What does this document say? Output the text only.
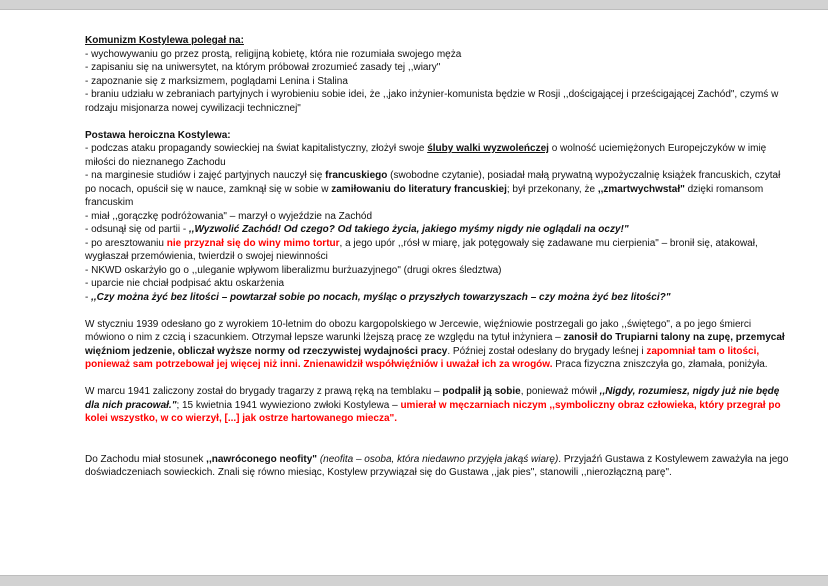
Komunizm Kostylewa polegał na:
- wychowywaniu go przez prostą, religijną kobietę, która nie rozumiała swojego męża
- zapisaniu się na uniwersytet, na którym próbował zrozumieć zasady tej ,,wiary"
- zapoznanie się z marksizmem, poglądami Lenina i Stalina
- braniu udziału w zebraniach partyjnych i wyrobieniu sobie idei, że ,,jako inżynier-komunista będzie w Rosji ,,dościgającej i prześcigającej Zachód", czymś w rodzaju misjonarza nowej cywilizacji technicznej"
Postawa heroiczna Kostylewa:
- podczas ataku propagandy sowieckiej na świat kapitalistyczny, złożył swoje śluby walki wyzwoleńczej o wolność uciemiężonych Europejczyków w imię miłości do nieznanego Zachodu
- na marginesie studiów i zajęć partyjnych nauczył się francuskiego (swobodne czytanie), posiadał małą prywatną wypożyczalnię książek francuskich, czytał po nocach, opuścił się w nauce, zamknął się w sobie w zamiłowaniu do literatury francuskiej; był przekonany, że ,,zmartwychwstał" dzięki romansom francuskim
- miał ,,gorączkę podróżowania" – marzył o wyjeździe na Zachód
- odsunął się od partii - ,,Wyzwolić Zachód! Od czego? Od takiego życia, jakiego myśmy nigdy nie oglądali na oczy!"
- po aresztowaniu nie przyznał się do winy mimo tortur, a jego upór ,,rósł w miarę, jak potęgowały się zadawane mu cierpienia" – bronił się, atakował, wygłaszał przemówienia, twierdził o swojej niewinności
- NKWD oskarżyło go o ,,uleganie wpływom liberalizmu burżuazyjnego" (drugi okres śledztwa)
- uparcie nie chciał podpisać aktu oskarżenia
- ,,Czy można żyć bez litości – powtarzał sobie po nocach, myśląc o przyszłych towarzyszach – czy można żyć bez litości?"
W styczniu 1939 odesłano go z wyrokiem 10-letnim do obozu kargopolskiego w Jercewie, więźniowie postrzegali go jako ,,świętego", a po jego śmierci mówiono o nim z czcią i szacunkiem. Otrzymał lepsze warunki lżejszą pracę ze względu na tytuł inżyniera – zanosił do Trupiarni talony na zupę, przemycał więźniom jedzenie, obliczał wyższe normy od rzeczywistej wydajności pracy. Później został odesłany do brygady leśnej i zapomniał tam o litości, ponieważ sam potrzebował jej więcej niż inni. Znienawidził współwięźniów i uważał ich za wrogów. Praca fizyczna zniszczyła go, złamała, poniżyła.
W marcu 1941 zaliczony został do brygady tragarzy z prawą ręką na temblaku – podpalił ją sobie, ponieważ mówił ,,Nigdy, rozumiesz, nigdy już nie będę dla nich pracował."; 15 kwietnia 1941 wywieziono zwłoki Kostylewa – umierał w męczarniach niczym ,,symboliczny obraz człowieka, który przegrał po kolei wszystko, w co wierzył, [...] jak ostrze hartowanego miecza".
Do Zachodu miał stosunek ,,nawróconego neofity" (neofita – osoba, która niedawno przyjęła jakąś wiarę). Przyjaźń Gustawa z Kostylewem zaważyła na jego doświadczeniach sowieckich. Znali się równo miesiąc, Kostylew przywiązał się do Gustawa ,,jak pies", stanowili ,,nierozłączną parę".
